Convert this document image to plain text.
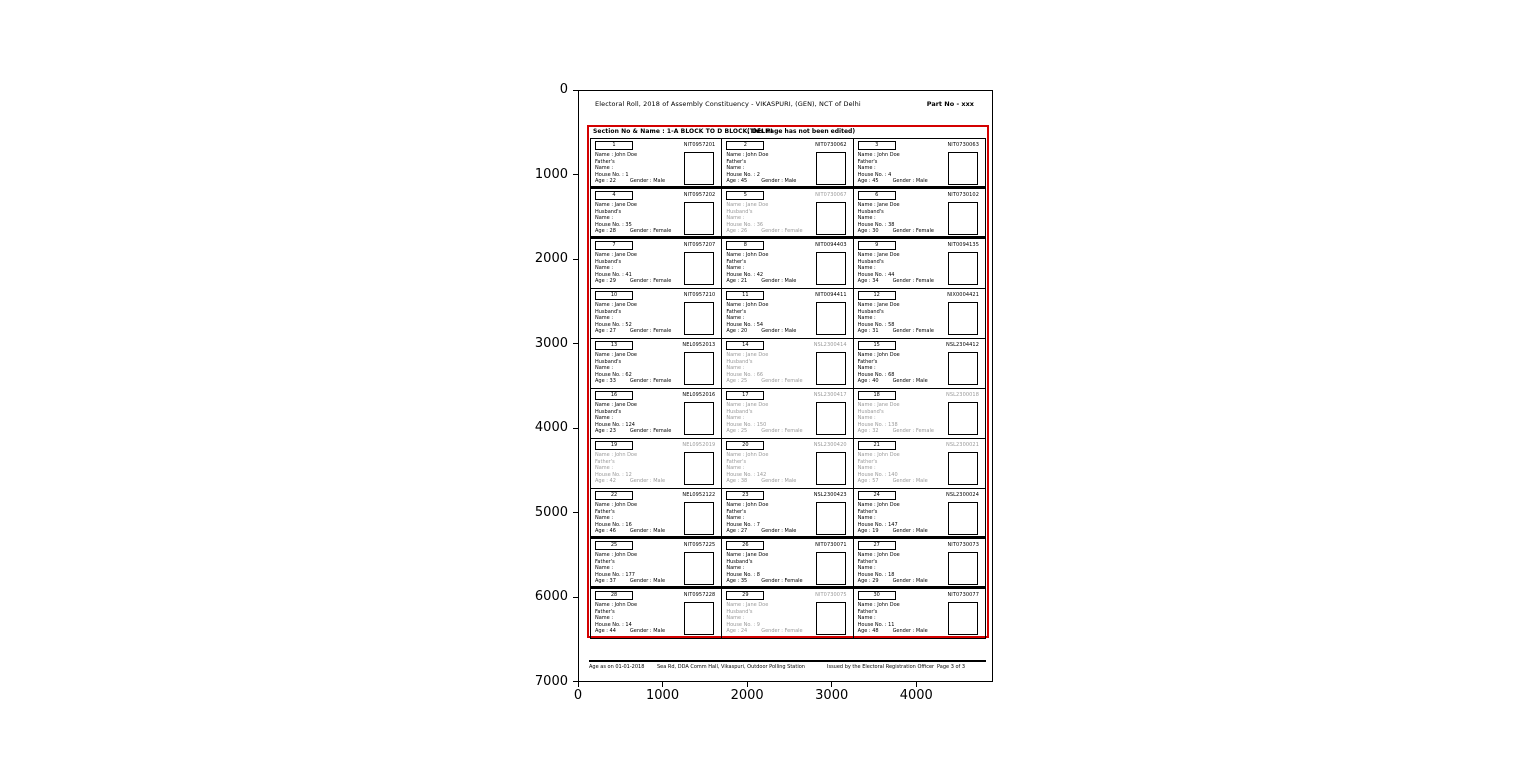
0
1000
2000
3000
4000
5000
6000
7000
0	1000	2000	3000	4000
Electoral Roll, 2018 of Assembly Constituency - VIKASPURI, (GEN), NCT of Delhi	Part No - xxx
Section No & Name : 1-A BLOCK TO D BLOCK, DELHI
(This Page has not been edited)
1	NIT0957201
Name : John Doe
Father's
Name :
House No. : 1
Age : 22	Gender : Male
2	NIT0730062
Name : John Doe
Father's
Name :
House No. : 2
Age : 45	Gender : Male
3	NIT0730063
Name : John Doe
Father's
Name :
House No. : 4
Age : 45	Gender : Male
4	NIT0957202
Name : Jane Doe
Husband's
Name :
House No. : 35
Age : 28	Gender : Female
5	NIT0730067
Name : Jane Doe
Husband's
Name :
House No. : 36
Age : 26	Gender : Female
6	NIT0730102
Name : Jane Doe
Husband's
Name :
House No. : 38
Age : 30	Gender : Female
7	NIT0957207
Name : Jane Doe
Husband's
Name :
House No. : 41
Age : 29	Gender : Female
8	NIT0094403
Name : John Doe
Father's
Name :
House No. : 42
Age : 21	Gender : Male
9	NIT0094135
Name : Jane Doe
Husband's
Name :
House No. : 44
Age : 34	Gender : Female
10	NIT0957210
Name : Jane Doe
Husband's
Name :
House No. : 52
Age : 27	Gender : Female
11	NIT0094411
Name : John Doe
Father's
Name :
House No. : 54
Age : 20	Gender : Male
12	NIX0004421
Name : Jane Doe
Husband's
Name :
House No. : 58
Age : 31	Gender : Female
13	NEL0952013
Name : Jane Doe
Husband's
Name :
House No. : 62
Age : 33	Gender : Female
14	NSL2300414
Name : Jane Doe
Husband's
Name :
House No. : 66
Age : 25	Gender : Female
15	NSL2304412
Name : John Doe
Father's
Name :
House No. : 68
Age : 40	Gender : Male
16	NEL0952016
Name : Jane Doe
Husband's
Name :
House No. : 124
Age : 23	Gender : Female
17	NSL2300417
Name : Jane Doe
Husband's
Name :
House No. : 150
Age : 25	Gender : Female
18	NSL2300018
Name : Jane Doe
Husband's
Name :
House No. : 138
Age : 32	Gender : Female
19	NEL0952019
Name : John Doe
Father's
Name :
House No. : 12
Age : 42	Gender : Male
20	NSL2300420
Name : John Doe
Father's
Name :
House No. : 142
Age : 38	Gender : Male
21	NSL2300021
Name : John Doe
Father's
Name :
House No. : 140
Age : 57	Gender : Male
22	NEL0952122
Name : John Doe
Father's
Name :
House No. : 16
Age : 46	Gender : Male
23	NSL2300423
Name : John Doe
Father's
Name :
House No. : 7
Age : 27	Gender : Male
24	NSL2300024
Name : John Doe
Father's
Name :
House No. : 147
Age : 19	Gender : Male
25	NIT0957225
Name : John Doe
Father's
Name :
House No. : 177
Age : 37	Gender : Male
26	NIT0730071
Name : Jane Doe
Husband's
Name :
House No. : 8
Age : 35	Gender : Female
27	NIT0730073
Name : John Doe
Father's
Name :
House No. : 18
Age : 29	Gender : Male
28	NIT0957228
Name : John Doe
Father's
Name :
House No. : 14
Age : 44	Gender : Male
29	NIT0730075
Name : Jane Doe
Husband's
Name :
House No. : 9
Age : 24	Gender : Female
30	NIT0730077
Name : John Doe
Father's
Name :
House No. : 11
Age : 48	Gender : Male
Age as on 01-01-2018	Sea Rd, DDA Comm Hall, Vikaspuri, Outdoor Polling Station	Issued by the Electoral Registration Officer Page 3 of 3
